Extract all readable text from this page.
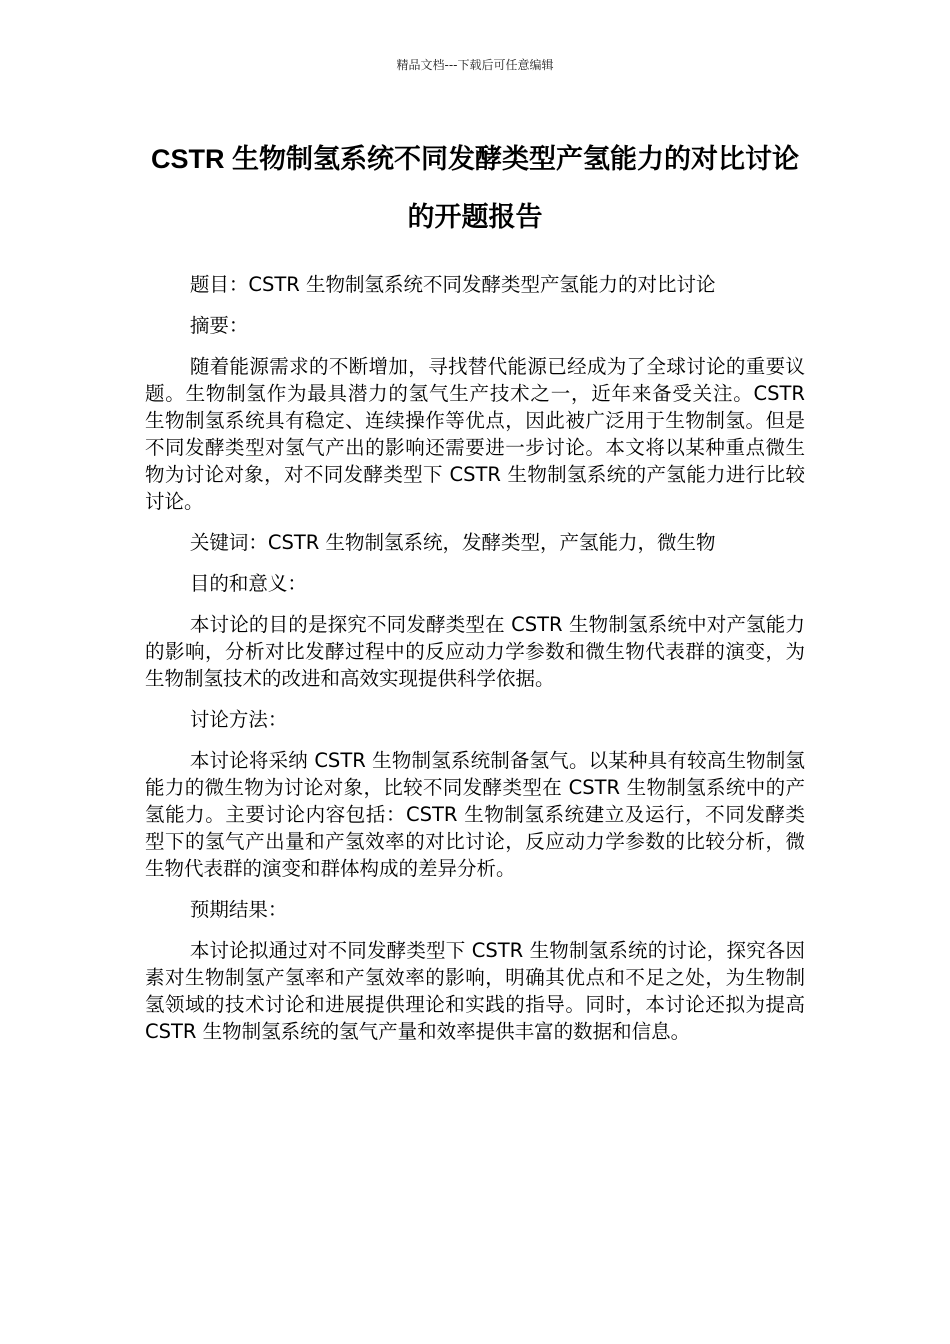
精品文档---下载后可任意编辑
CSTR 生物制氢系统不同发酵类型产氢能力的对比讨论的开题报告

题目：CSTR 生物制氢系统不同发酵类型产氢能力的对比讨论

摘要：

随着能源需求的不断增加，寻找替代能源已经成为了全球讨论的重要议题。生物制氢作为最具潜力的氢气生产技术之一，近年来备受关注。CSTR 生物制氢系统具有稳定、连续操作等优点，因此被广泛用于生物制氢。但是不同发酵类型对氢气产出的影响还需要进一步讨论。本文将以某种重点微生物为讨论对象，对不同发酵类型下 CSTR 生物制氢系统的产氢能力进行比较讨论。

关键词：CSTR 生物制氢系统，发酵类型，产氢能力，微生物

目的和意义：

本讨论的目的是探究不同发酵类型在 CSTR 生物制氢系统中对产氢能力的影响，分析对比发酵过程中的反应动力学参数和微生物代表群的演变，为生物制氢技术的改进和高效实现提供科学依据。

讨论方法：

本讨论将采纳 CSTR 生物制氢系统制备氢气。以某种具有较高生物制氢能力的微生物为讨论对象，比较不同发酵类型在 CSTR 生物制氢系统中的产氢能力。主要讨论内容包括：CSTR 生物制氢系统建立及运行，不同发酵类型下的氢气产出量和产氢效率的对比讨论，反应动力学参数的比较分析，微生物代表群的演变和群体构成的差异分析。

预期结果：

本讨论拟通过对不同发酵类型下 CSTR 生物制氢系统的讨论，探究各因素对生物制氢产氢率和产氢效率的影响，明确其优点和不足之处，为生物制氢领域的技术讨论和进展提供理论和实践的指导。同时，本讨论还拟为提高 CSTR 生物制氢系统的氢气产量和效率提供丰富的数据和信息。
